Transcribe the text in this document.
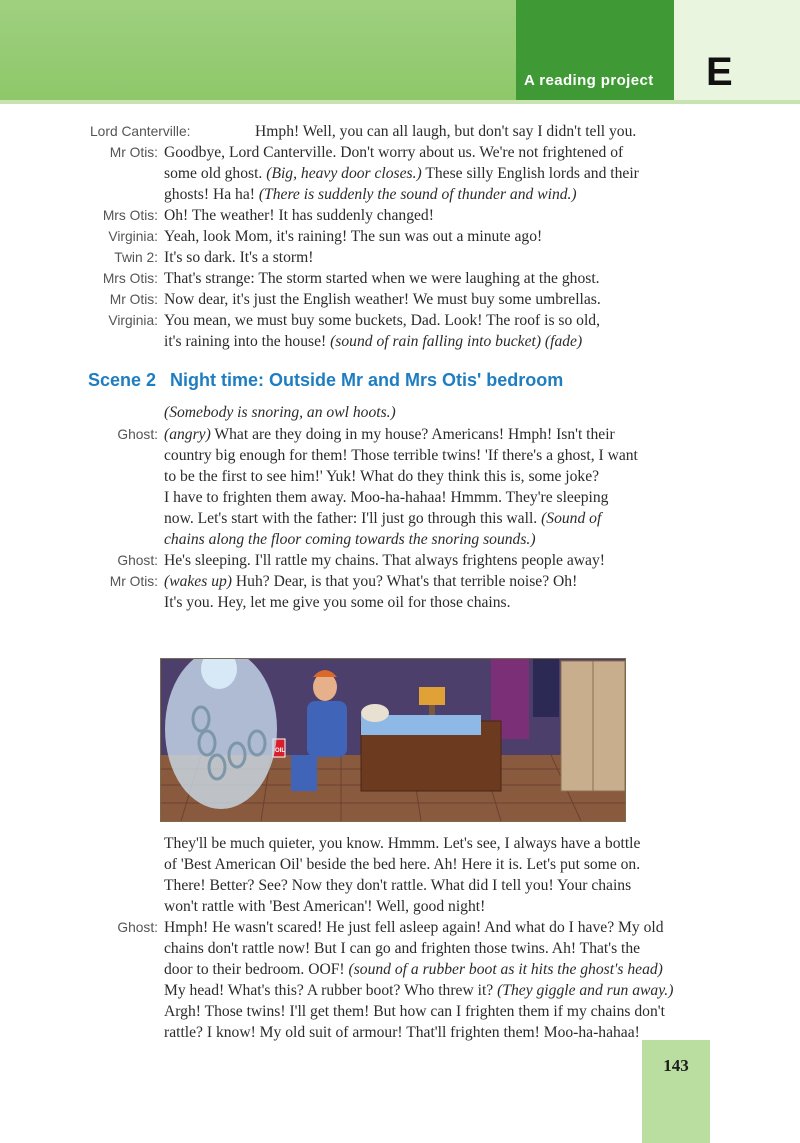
A reading project E
Lord Canterville:	Hmph! Well, you can all laugh, but don't say I didn't tell you.
Mr Otis: Goodbye, Lord Canterville. Don't worry about us. We're not frightened of
some old ghost. (Big, heavy door closes.) These silly English lords and their
ghosts! Ha ha! (There is suddenly the sound of thunder and wind.)
Mrs Otis: Oh! The weather! It has suddenly changed!
Virginia: Yeah, look Mom, it's raining! The sun was out a minute ago!
Twin 2: It's so dark. It's a storm!
Mrs Otis: That's strange: The storm started when we were laughing at the ghost.
Mr Otis: Now dear, it's just the English weather! We must buy some umbrellas.
Virginia: You mean, we must buy some buckets, Dad. Look! The roof is so old,
it's raining into the house! (sound of rain falling into bucket) (fade)
Scene 2 Night time: Outside Mr and Mrs Otis' bedroom
(Somebody is snoring, an owl hoots.)
Ghost: (angry) What are they doing in my house? Americans! Hmph! Isn't their
country big enough for them! Those terrible twins! 'If there's a ghost, I want
to be the first to see him!' Yuk! What do they think this is, some joke?
I have to frighten them away. Moo-ha-hahaa! Hmmm. They're sleeping
now. Let's start with the father: I'll just go through this wall. (Sound of
chains along the floor coming towards the snoring sounds.)
Ghost: He's sleeping. I'll rattle my chains. That always frightens people away!
Mr Otis: (wakes up) Huh? Dear, is that you? What's that terrible noise? Oh!
It's you. Hey, let me give you some oil for those chains.
They'll be much quieter, you know. Hmmm. Let's see, I always have a bottle
of 'Best American Oil' beside the bed here. Ah! Here it is. Let's put some on.
There! Better? See? Now they don't rattle. What did I tell you! Your chains
won't rattle with 'Best American'! Well, good night!
Ghost: Hmph! He wasn't scared! He just fell asleep again! And what do I have? My old
chains don't rattle now! But I can go and frighten those twins. Ah! That's the
door to their bedroom. OOF! (sound of a rubber boot as it hits the ghost's head)
My head! What's this? A rubber boot? Who threw it? (They giggle and run away.)
Argh! Those twins! I'll get them! But how can I frighten them if my chains don't
rattle? I know! My old suit of armour! That'll frighten them! Moo-ha-hahaa!
OIL
143
